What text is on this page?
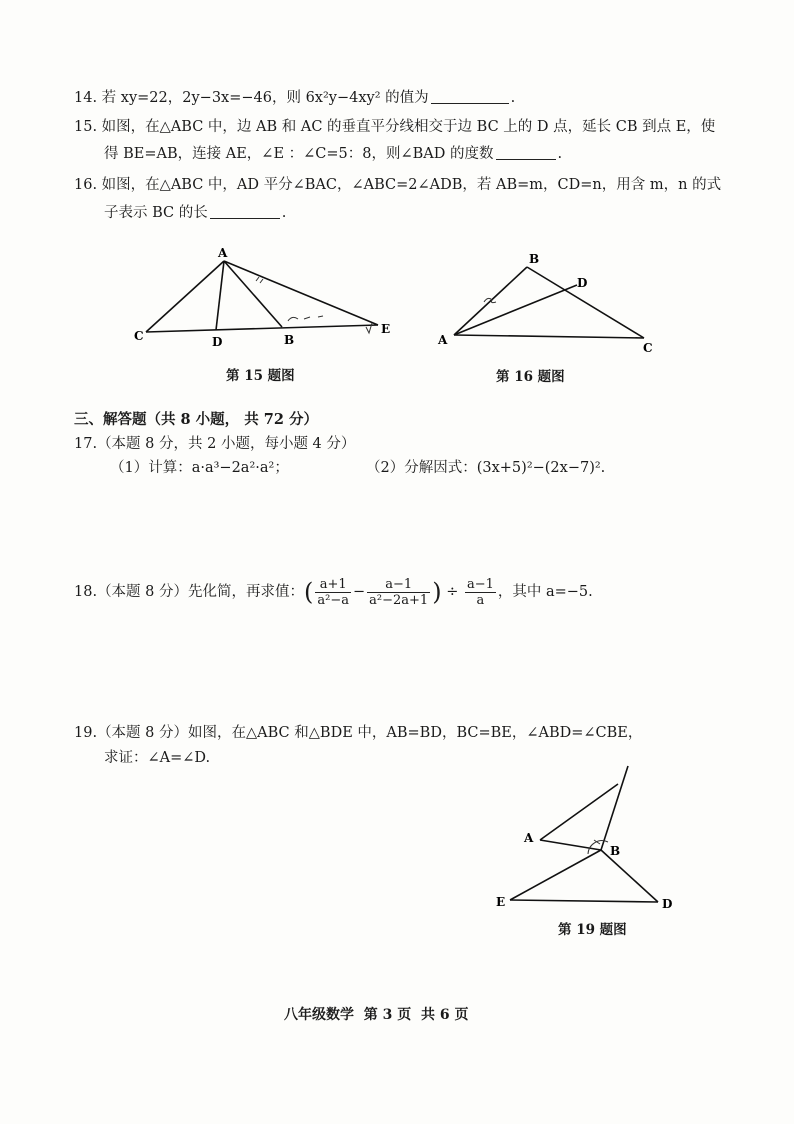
14. 若 xy=22，2y−3x=−46，则 6x²y−4xy² 的值为	.
15. 如图，在△ABC 中，边 AB 和 AC 的垂直平分线相交于边 BC 上的 D 点，延长 CB 到点 E，使
得 BE=AB，连接 AE，∠E ：∠C=5：8，则∠BAD 的度数	.
16. 如图，在△ABC 中，AD 平分∠BAC，∠ABC=2∠ADB，若 AB=m，CD=n，用含 m，n 的式
子表示 BC 的长	.
A
C	D	B
E
第 15 题图
B
D
A
C
第 16 题图
三、解答题（共 8 小题， 共 72 分）
17.（本题 8 分，共 2 小题，每小题 4 分）
（1）计算：a·a³−2a²·a²；	（2）分解因式：(3x+5)²−(2x−7)².
18.（本题 8 分）先化简，再求值：( $\frac{a+1}{\text{a²−a}} - \frac{a-1}{\text{a²−2a+1}}$ ) ÷ $\frac{a-1}{a}$ ，其中 a=−5.
19.（本题 8 分）如图，在△ABC 和△BDE 中，AB=BD，BC=BE，∠ABD=∠CBE，
求证：∠A=∠D.
A
B
E	D
第 19 题图
八年级数学  第 3 页  共 6 页
